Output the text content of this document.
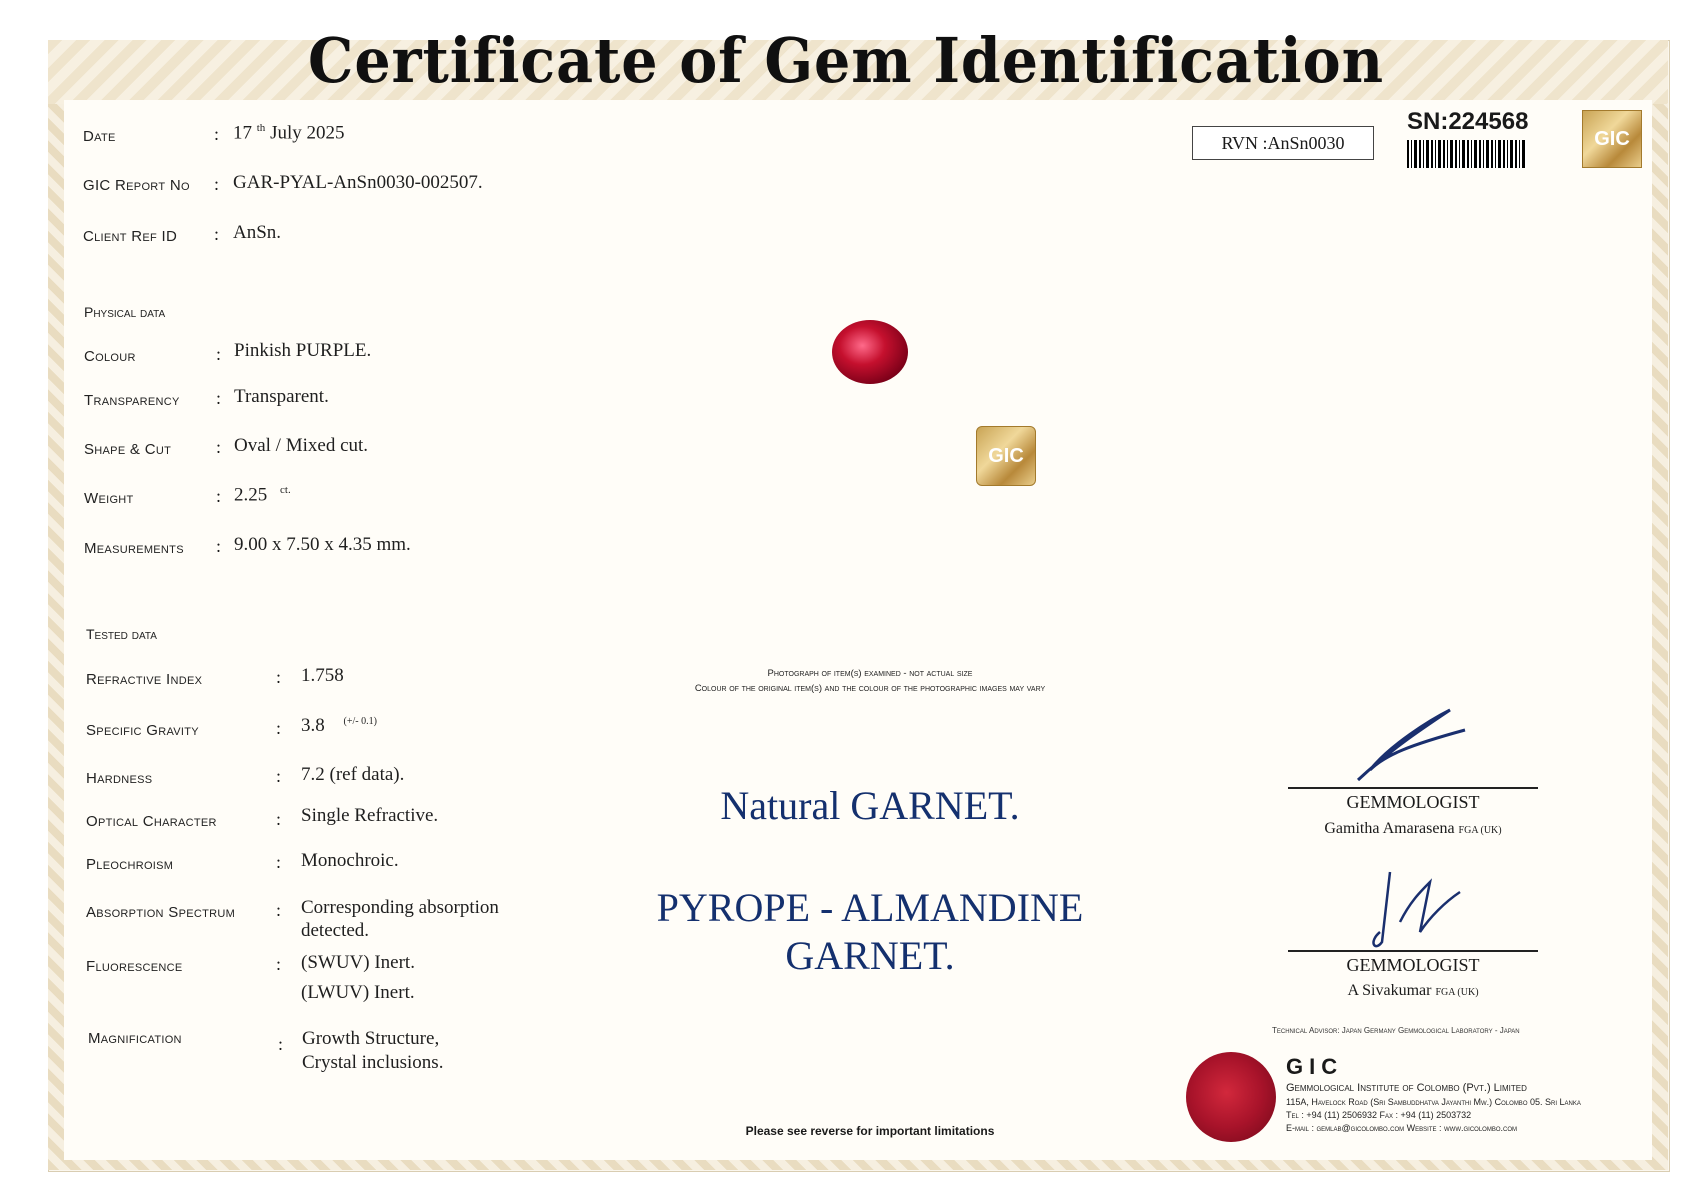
Certificate of Gem Identification
RVN :AnSn0030
SN:224568
GIC
Date	: 17 $^{th}$ July 2025
GIC Report No : GAR-PYAL-AnSn0030-002507.
Client Ref ID : AnSn.
Physical data
Colour	: Pinkish PURPLE.
Transparency : Transparent.
Shape & Cut : Oval / Mixed cut.
Weight	: 2.25 $^{ct.}$
Measurements : 9.00 x 7.50 x 4.35 mm.
Tested data
Refractive Index	: 1.758
Specific Gravity	: 3.8 $^{(+/- 0.1)}$
Hardness	: 7.2 (ref data).
Optical Character	: Single Refractive.
Pleochroism	: Monochroic.
Absorption Spectrum : Corresponding absorption
detected.
Fluorescence	: (SWUV) Inert.
(LWUV) Inert.
Magnification	: Growth Structure,
Crystal inclusions.
GIC
Photograph of item(s) examined - not actual size
Colour of the original item(s) and the colour of the photographic images may vary
Natural GARNET.
PYROPE - ALMANDINE
GARNET.
GEMMOLOGIST
Gamitha Amarasena FGA (UK)
GEMMOLOGIST
A Sivakumar FGA (UK)
Technical Advisor: Japan Germany Gemmological Laboratory - Japan
GIC
Gemmological Institute of Colombo (Pvt.) Limited
115A, Havelock Road (Sri Sambuddhatva Jayanthi Mw.) Colombo 05. Sri Lanka
Tel : +94 (11) 2506932 Fax : +94 (11) 2503732
E-mail : gemlab@gicolombo.com Website : www.gicolombo.com
Please see reverse for important limitations
